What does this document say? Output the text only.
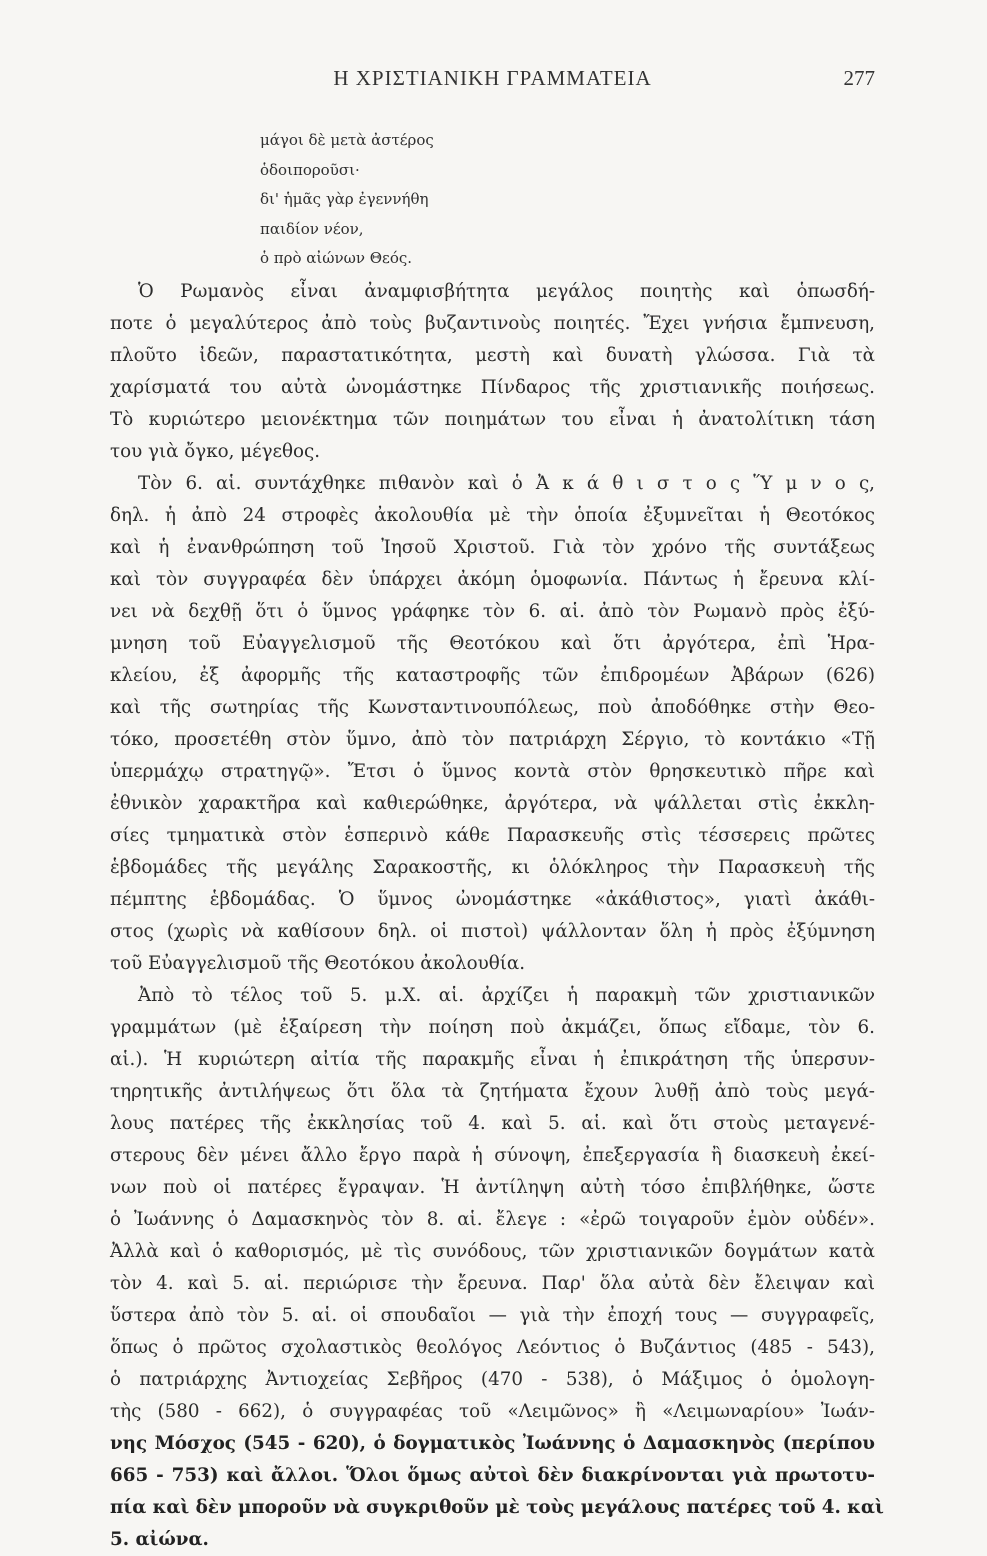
Η ΧΡΙΣΤΙΑΝΙΚΗ ΓΡΑΜΜΑΤΕΙΑ	277
μάγοι δὲ μετὰ ἀστέρος
ὁδοιποροῦσι·
δι' ἡμᾶς γὰρ ἐγεννήθη
παιδίον νέον,
ὁ πρὸ αἰώνων Θεός.
Ὁ Ρωμανὸς εἶναι ἀναμφισβήτητα μεγάλος ποιητὴς καὶ ὁπωσδή-
ποτε ὁ μεγαλύτερος ἀπὸ τοὺς βυζαντινοὺς ποιητές. Ἔχει γνήσια ἔμπνευση,
πλοῦτο ἰδεῶν, παραστατικότητα, μεστὴ καὶ δυνατὴ γλώσσα. Γιὰ τὰ
χαρίσματά του αὐτὰ ὠνομάστηκε Πίνδαρος τῆς χριστιανικῆς ποιήσεως.
Τὸ κυριώτερο μειονέκτημα τῶν ποιημάτων του εἶναι ἡ ἀνατολίτικη τάση
του γιὰ ὄγκο, μέγεθος.
Τὸν 6. αἱ. συντάχθηκε πιθανὸν καὶ ὁ Ἀ κ ά θ ι σ τ ο ς Ὕ μ ν ο ς,
δηλ. ἡ ἀπὸ 24 στροφὲς ἀκολουθία μὲ τὴν ὁποία ἐξυμνεῖται ἡ Θεοτόκος
καὶ ἡ ἐνανθρώπηση τοῦ Ἰησοῦ Χριστοῦ. Γιὰ τὸν χρόνο τῆς συντάξεως
καὶ τὸν συγγραφέα δὲν ὑπάρχει ἀκόμη ὁμοφωνία. Πάντως ἡ ἔρευνα κλί-
νει νὰ δεχθῇ ὅτι ὁ ὕμνος γράφηκε τὸν 6. αἱ. ἀπὸ τὸν Ρωμανὸ πρὸς ἐξύ-
μνηση τοῦ Εὐαγγελισμοῦ τῆς Θεοτόκου καὶ ὅτι ἀργότερα, ἐπὶ Ἡρα-
κλείου, ἐξ ἀφορμῆς τῆς καταστροφῆς τῶν ἐπιδρομέων Ἀβάρων (626)
καὶ τῆς σωτηρίας τῆς Κωνσταντινουπόλεως, ποὺ ἀποδόθηκε στὴν Θεο-
τόκο, προσετέθη στὸν ὕμνο, ἀπὸ τὸν πατριάρχη Σέργιο, τὸ κοντάκιο «Τῇ
ὑπερμάχῳ στρατηγῷ». Ἔτσι ὁ ὕμνος κοντὰ στὸν θρησκευτικὸ πῆρε καὶ
ἐθνικὸν χαρακτῆρα καὶ καθιερώθηκε, ἀργότερα, νὰ ψάλλεται στὶς ἐκκλη-
σίες τμηματικὰ στὸν ἑσπερινὸ κάθε Παρασκευῆς στὶς τέσσερεις πρῶτες
ἑβδομάδες τῆς μεγάλης Σαρακοστῆς, κι ὁλόκληρος τὴν Παρασκευὴ τῆς
πέμπτης ἑβδομάδας. Ὁ ὕμνος ὠνομάστηκε «ἀκάθιστος», γιατὶ ἀκάθι-
στος (χωρὶς νὰ καθίσουν δηλ. οἱ πιστοὶ) ψάλλονταν ὅλη ἡ πρὸς ἐξύμνηση
τοῦ Εὐαγγελισμοῦ τῆς Θεοτόκου ἀκολουθία.
Ἀπὸ τὸ τέλος τοῦ 5. μ.Χ. αἱ. ἀρχίζει ἡ παρακμὴ τῶν χριστιανικῶν
γραμμάτων (μὲ ἐξαίρεση τὴν ποίηση ποὺ ἀκμάζει, ὅπως εἴδαμε, τὸν 6.
αἱ.). Ἡ κυριώτερη αἰτία τῆς παρακμῆς εἶναι ἡ ἐπικράτηση τῆς ὑπερσυν-
τηρητικῆς ἀντιλήψεως ὅτι ὅλα τὰ ζητήματα ἔχουν λυθῇ ἀπὸ τοὺς μεγά-
λους πατέρες τῆς ἐκκλησίας τοῦ 4. καὶ 5. αἱ. καὶ ὅτι στοὺς μεταγενέ-
στερους δὲν μένει ἄλλο ἔργο παρὰ ἡ σύνοψη, ἐπεξεργασία ἢ διασκευὴ ἐκεί-
νων ποὺ οἱ πατέρες ἔγραψαν. Ἡ ἀντίληψη αὐτὴ τόσο ἐπιβλήθηκε, ὥστε
ὁ Ἰωάννης ὁ Δαμασκηνὸς τὸν 8. αἱ. ἔλεγε : «ἐρῶ τοιγαροῦν ἐμὸν οὐδέν».
Ἀλλὰ καὶ ὁ καθορισμός, μὲ τὶς συνόδους, τῶν χριστιανικῶν δογμάτων κατὰ
τὸν 4. καὶ 5. αἱ. περιώρισε τὴν ἔρευνα. Παρ' ὅλα αὐτὰ δὲν ἔλειψαν καὶ
ὕστερα ἀπὸ τὸν 5. αἱ. οἱ σπουδαῖοι — γιὰ τὴν ἐποχή τους — συγγραφεῖς,
ὅπως ὁ πρῶτος σχολαστικὸς θεολόγος Λεόντιος ὁ Βυζάντιος (485 - 543),
ὁ πατριάρχης Ἀντιοχείας Σεβῆρος (470 - 538), ὁ Μάξιμος ὁ ὁμολογη-
τὴς (580 - 662), ὁ συγγραφέας τοῦ «Λειμῶνος» ἢ «Λειμωναρίου» Ἰωάν-
νης Μόσχος (545 - 620), ὁ δογματικὸς Ἰωάννης ὁ Δαμασκηνὸς (περίπου
665 - 753) καὶ ἄλλοι. Ὅλοι ὅμως αὐτοὶ δὲν διακρίνονται γιὰ πρωτοτυ-
πία καὶ δὲν μποροῦν νὰ συγκριθοῦν μὲ τοὺς μεγάλους πατέρες τοῦ 4. καὶ
5. αἰώνα.
